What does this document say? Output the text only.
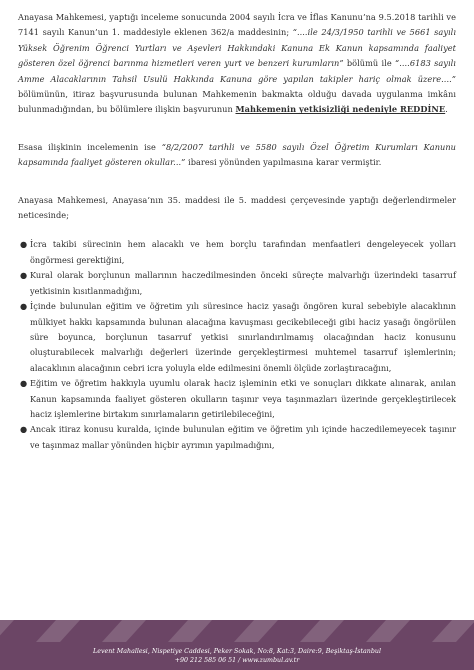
Anayasa Mahkemesi, yaptığı inceleme sonucunda 2004 sayılı İcra ve İflas Kanunu’na 9.5.2018 tarihli ve 7141 sayılı Kanun’un 1. maddesiyle eklenen 362/a maddesinin; “....ile 24/3/1950 tarihli ve 5661 sayılı Yüksek Öğrenim Öğrenci Yurtları ve Aşevleri Hakkındaki Kanuna Ek Kanun kapsamında faaliyet gösteren özel öğrenci barınma hizmetleri veren yurt ve benzeri kurumların” bölümü ile “....6183 sayılı Amme Alacaklarının Tahsil Usulü Hakkında Kanuna göre yapılan takipler hariç olmak üzere....” bölümünün, itiraz başvurusunda bulunan Mahkemenin bakmakta olduğu davada uygulanma imkânı bulunmadığından, bu bölümlere ilişkin başvurunun Mahkemenin yetkisizliği nedeniyle REDDİNE.

Esasa ilişkinin incelemenin ise “8/2/2007 tarihli ve 5580 sayılı Özel Öğretim Kurumları Kanunu kapsamında faaliyet gösteren okullar...” ibaresi yönünden yapılmasına karar vermiştir.

Anayasa Mahkemesi, Anayasa’nın 35. maddesi ile 5. maddesi çerçevesinde yaptığı değerlendirmeler neticesinde;

● İcra takibi sürecinin hem alacaklı ve hem borçlu tarafından menfaatleri dengeleyecek yolları öngörmesi gerektiğini,
● Kural olarak borçlunun mallarının haczedilmesinden önceki süreçte malvarlığı üzerindeki tasarruf yetkisinin kısıtlanmadığını,
● İçinde bulunulan eğitim ve öğretim yılı süresince haciz yasağı öngören kural sebebiyle alacaklının mülkiyet hakkı kapsamında bulunan alacağına kavuşması gecikebileceği gibi haciz yasağı öngörülen süre boyunca, borçlunun tasarruf yetkisi sınırlandırılmamış olacağından haciz konusunu oluşturabilecek malvarlığı değerleri üzerinde gerçekleştirmesi muhtemel tasarruf işlemlerinin; alacaklının alacağının cebri icra yoluyla elde edilmesini önemli ölçüde zorlaştıracağını,
● Eğitim ve öğretim hakkıyla uyumlu olarak haciz işleminin etki ve sonuçları dikkate alınarak, anılan Kanun kapsamında faaliyet gösteren okulların taşınır veya taşınmazları üzerinde gerçekleştirilecek haciz işlemlerine birtakım sınırlamaların getirilebileceğini,
● Ancak itiraz konusu kuralda, içinde bulunulan eğitim ve öğretim yılı içinde haczedilemeyecek taşınır ve taşınmaz mallar yönünden hiçbir ayrımın yapılmadığını,
Levent Mahallesi, Nispetiye Caddesi, Peker Sokak, No:8, Kat:3, Daire:9, Beşiktaş-İstanbul
+90 212 585 06 51 / www.zumbul.av.tr
